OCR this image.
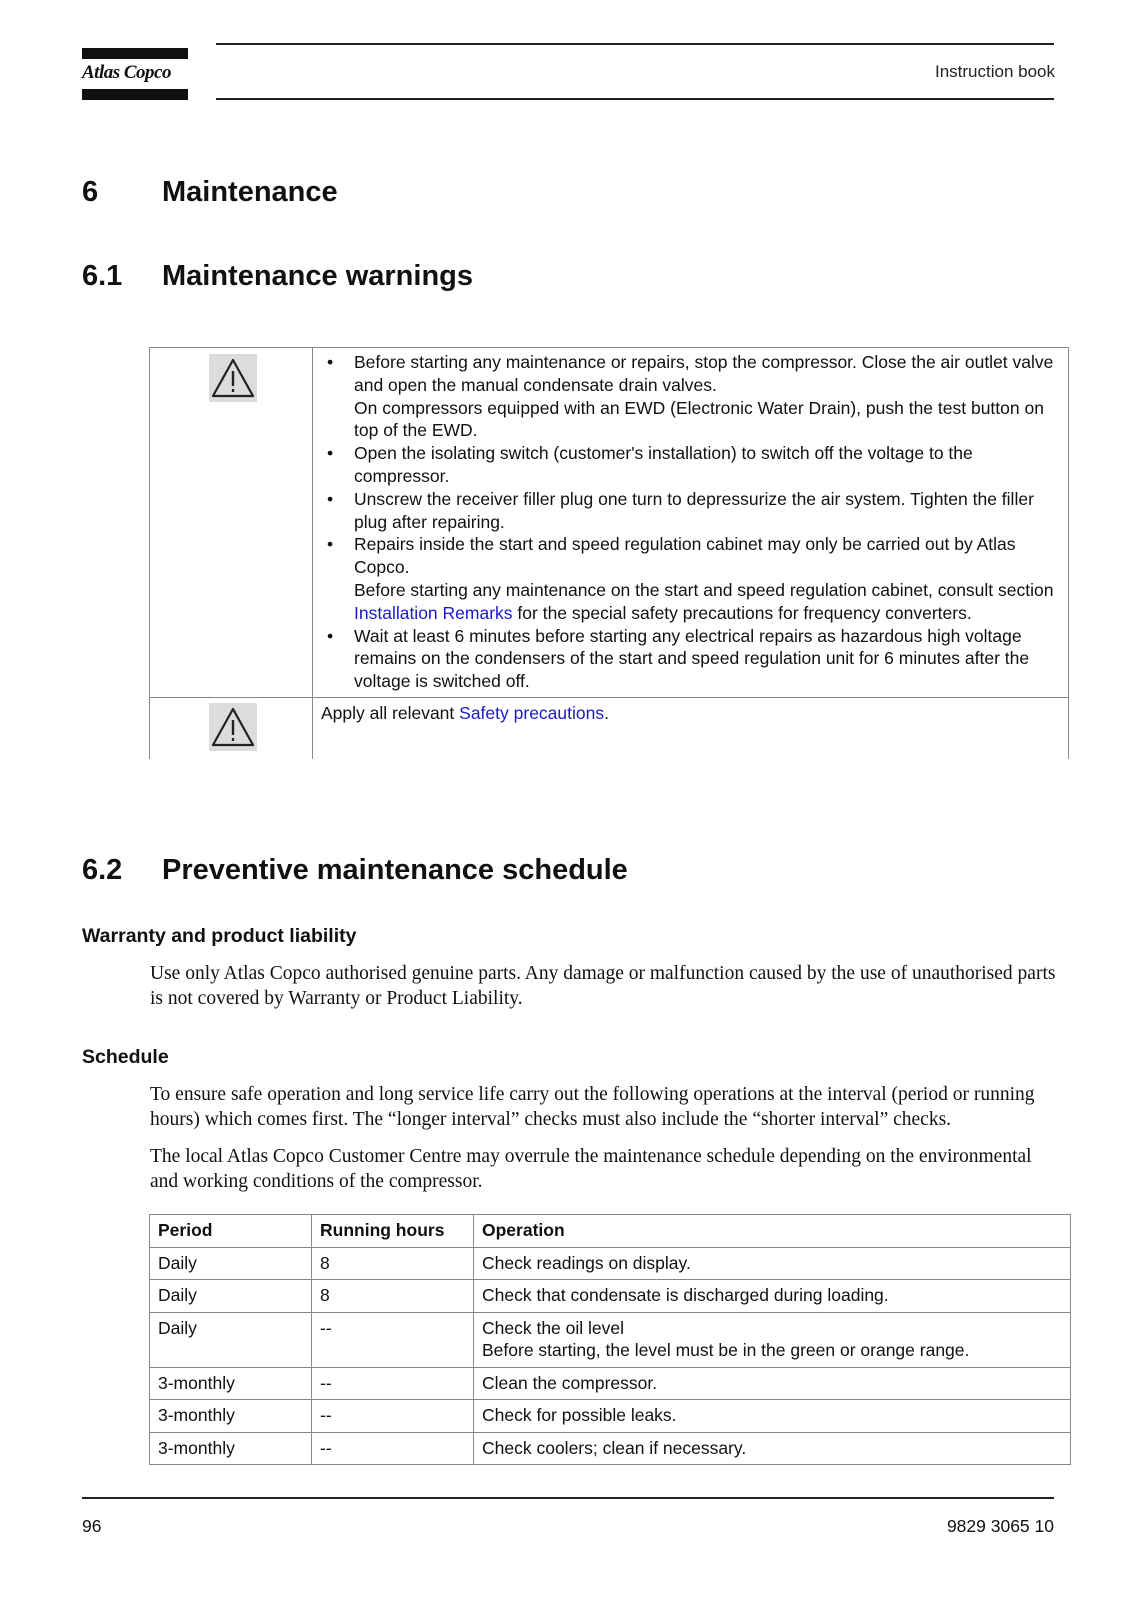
Atlas Copco	Instruction book
6 Maintenance
6.1 Maintenance warnings
• Before starting any maintenance or repairs, stop the compressor. Close the air outlet valve and open the manual condensate drain valves.
On compressors equipped with an EWD (Electronic Water Drain), push the test button on top of the EWD.
• Open the isolating switch (customer's installation) to switch off the voltage to the compressor.
• Unscrew the receiver filler plug one turn to depressurize the air system. Tighten the filler plug after repairing.
• Repairs inside the start and speed regulation cabinet may only be carried out by Atlas Copco.
Before starting any maintenance on the start and speed regulation cabinet, consult section Installation Remarks for the special safety precautions for frequency converters.
• Wait at least 6 minutes before starting any electrical repairs as hazardous high voltage remains on the condensers of the start and speed regulation unit for 6 minutes after the voltage is switched off.
Apply all relevant Safety precautions.
6.2 Preventive maintenance schedule
Warranty and product liability
Use only Atlas Copco authorised genuine parts. Any damage or malfunction caused by the use of unauthorised parts is not covered by Warranty or Product Liability.
Schedule
To ensure safe operation and long service life carry out the following operations at the interval (period or running hours) which comes first. The “longer interval” checks must also include the “shorter interval” checks.
The local Atlas Copco Customer Centre may overrule the maintenance schedule depending on the environmental and working conditions of the compressor.
Period	Running hours	Operation
Daily	8	Check readings on display.
Daily	8	Check that condensate is discharged during loading.
Daily	--	Check the oil level
Before starting, the level must be in the green or orange range.

3-monthly	--	Clean the compressor.
3-monthly	--	Check for possible leaks.
3-monthly	--	Check coolers; clean if necessary.
96	9829 3065 10
